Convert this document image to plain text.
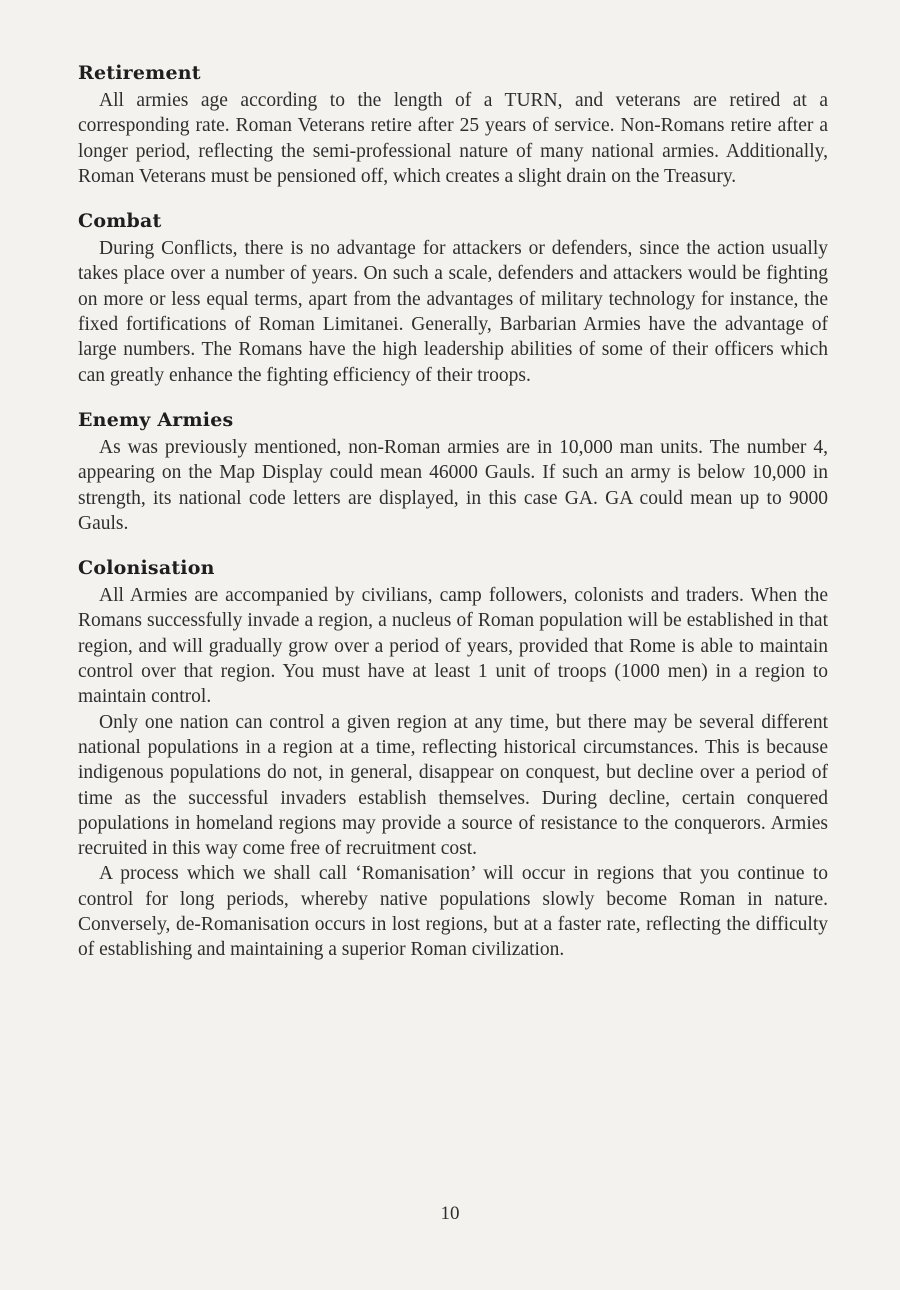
Retirement

All armies age according to the length of a TURN, and veterans are retired at a corresponding rate. Roman Veterans retire after 25 years of service. Non-Romans retire after a longer period, reflecting the semi-professional nature of many national armies. Additionally, Roman Veterans must be pensioned off, which creates a slight drain on the Treasury.

Combat

During Conflicts, there is no advantage for attackers or defenders, since the action usually takes place over a number of years. On such a scale, defenders and attackers would be fighting on more or less equal terms, apart from the advantages of military technology for instance, the fixed fortifications of Roman Limitanei. Generally, Barbarian Armies have the advantage of large numbers. The Romans have the high leadership abilities of some of their officers which can greatly enhance the fighting efficiency of their troops.

Enemy Armies

As was previously mentioned, non-Roman armies are in 10,000 man units. The number 4, appearing on the Map Display could mean 46000 Gauls. If such an army is below 10,000 in strength, its national code letters are displayed, in this case GA. GA could mean up to 9000 Gauls.

Colonisation

All Armies are accompanied by civilians, camp followers, colonists and traders. When the Romans successfully invade a region, a nucleus of Roman population will be established in that region, and will gradually grow over a period of years, provided that Rome is able to maintain control over that region. You must have at least 1 unit of troops (1000 men) in a region to maintain control.

Only one nation can control a given region at any time, but there may be several different national populations in a region at a time, reflecting historical circumstances. This is because indigenous populations do not, in general, disappear on conquest, but decline over a period of time as the successful invaders establish themselves. During decline, certain conquered populations in homeland regions may provide a source of resistance to the conquerors. Armies recruited in this way come free of recruitment cost.

A process which we shall call ‘Romanisation’ will occur in regions that you continue to control for long periods, whereby native populations slowly become Roman in nature. Conversely, de-Romanisation occurs in lost regions, but at a faster rate, reflecting the difficulty of establishing and maintaining a superior Roman civilization.

10
